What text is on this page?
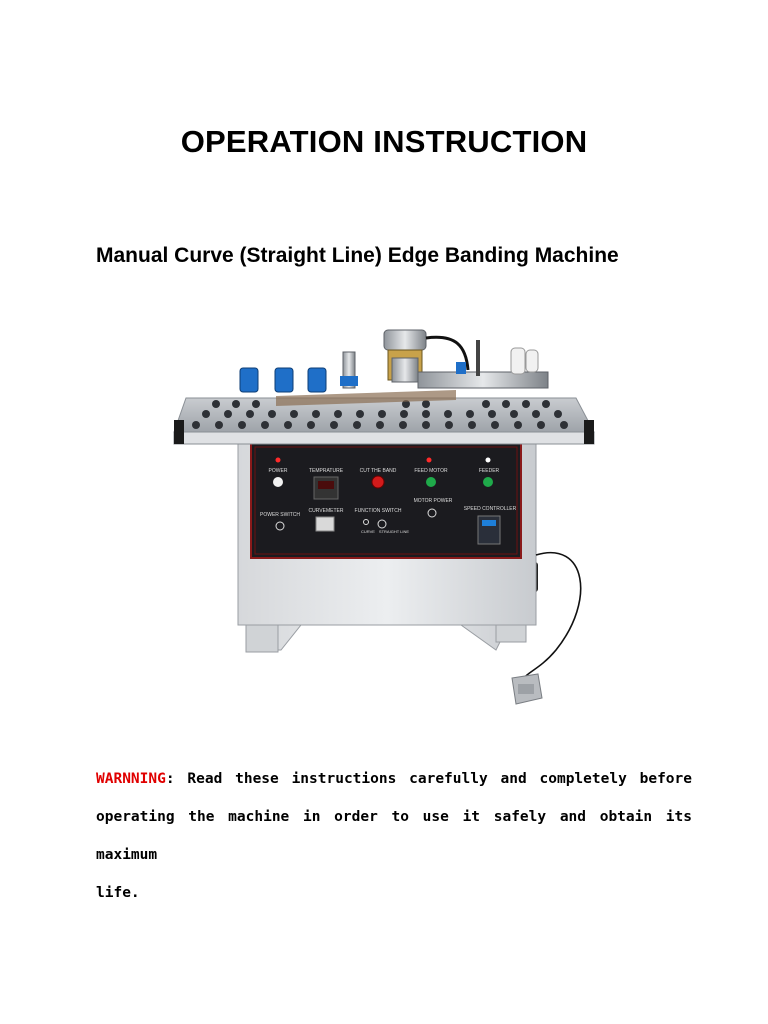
OPERATION INSTRUCTION
Manual Curve (Straight Line) Edge Banding Machine
POWER	TEMPRATURE	CUT THE BAND	FEED MOTOR	FEEDER
POWER SWITCH
CURVEMETER FUNCTION SWITCH
MOTOR POWER
SPEED CONTROLLER
CURVE STRAIGHT LINE
WARNNING: Read these instructions carefully and completely before
operating the machine in order to use it safely and obtain its maximum
life.
